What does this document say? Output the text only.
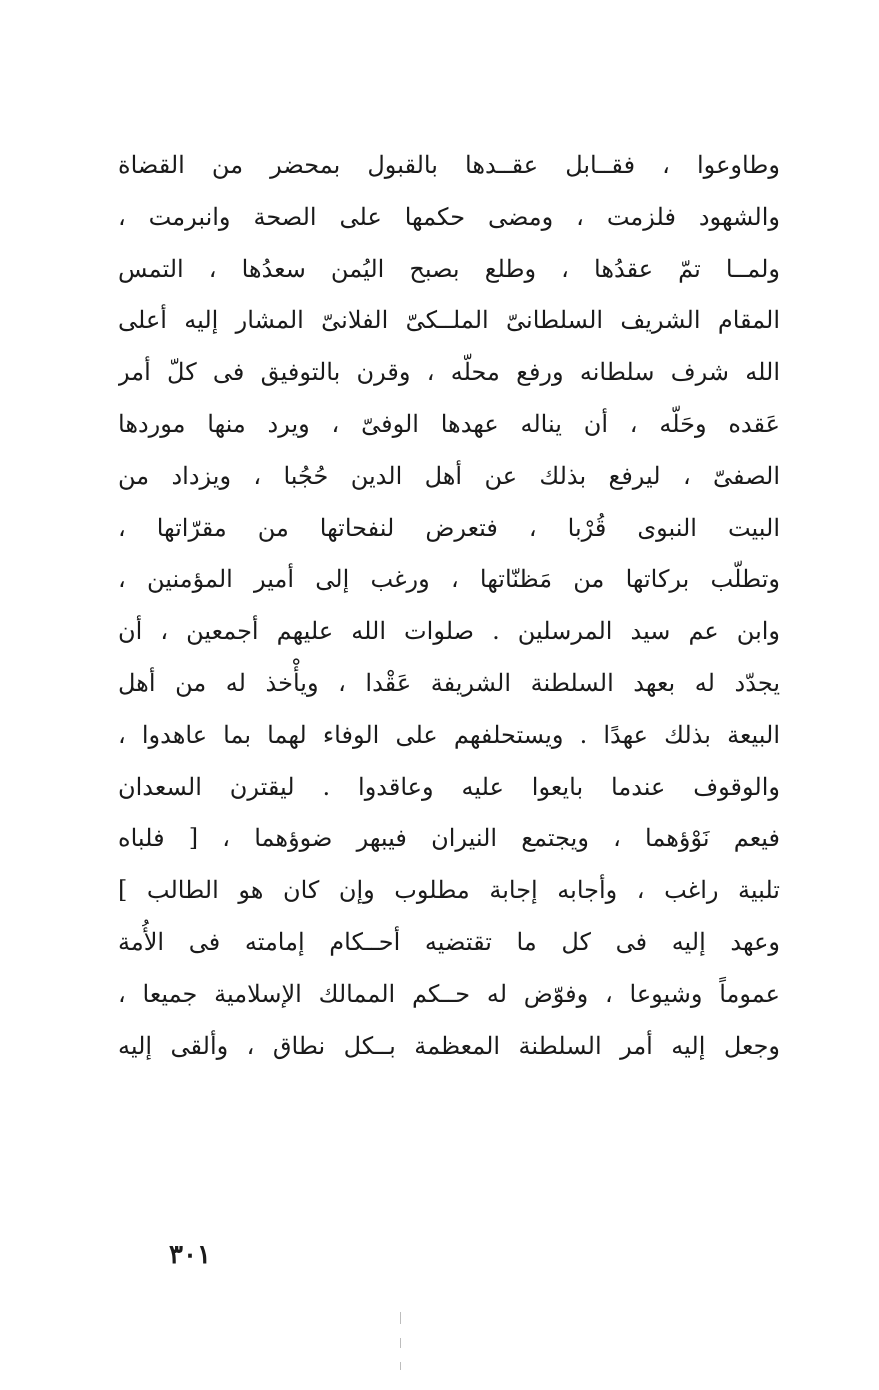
وطاوعوا ، فقــابل عقــدها بالقبول بمحضر من القضاة
والشهود فلزمت ، ومضى حكمها على الصحة وانبرمت ،
ولمــا تمّ عقدُها ، وطلع بصبح اليُمن سعدُها ، التمس
المقام الشريف السلطانىّ الملــكىّ الفلانىّ المشار إليه أعلى
الله شرف سلطانه ورفع محلّه ، وقرن بالتوفيق فى كلّ أمر
عَقده وحَلّه ، أن يناله عهدها الوفىّ ، ويرد منها موردها
الصفىّ ، ليرفع بذلك عن أهل الدين حُجُبا ، ويزداد من
البيت النبوى قُرْبا ، فتعرض لنفحاتها من مقرّاتها ،
وتطلّب بركاتها من مَظنّاتها ، ورغب إلى أمير المؤمنين ،
وابن عم سيد المرسلين . صلوات الله عليهم أجمعين ، أن
يجدّد له بعهد السلطنة الشريفة عَقْدا ، ويأْخذ له من أهل
البيعة بذلك عهدًا . ويستحلفهم على الوفاء لهما بما عاهدوا ،
والوقوف عندما بايعوا عليه وعاقدوا . ليقترن السعدان
فيعم نَوْؤهما ، ويجتمع النيران فيبهر ضوؤهما ، [ فلباه
تلبية راغب ، وأجابه إجابة مطلوب وإن كان هو الطالب ]
وعهد إليه فى كل ما تقتضيه أحــكام إمامته فى الأُمة
عموماً وشيوعا ، وفوّض له حــكم الممالك الإسلامية جميعا ،
وجعل إليه أمر السلطنة المعظمة بــكل نطاق ، وألقى إليه
٣٠١
